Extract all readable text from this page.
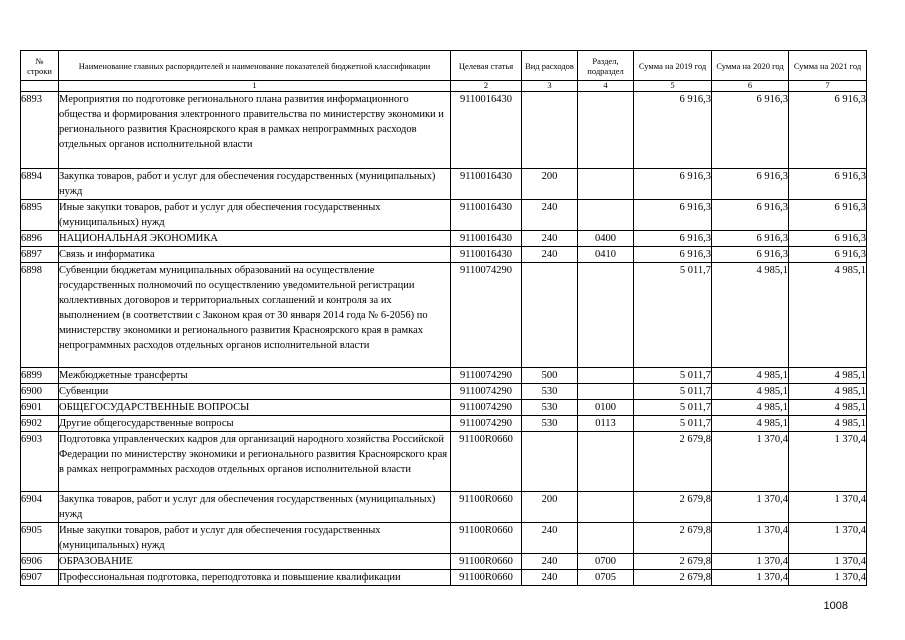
№ строки	Наименование главных распорядителей и наименование показателей бюджетной классификации	Целевая статья	Вид расходов	Раздел, подраздел	Сумма на 2019 год	Сумма на 2020 год	Сумма на 2021 год
	1	2	3	4	5	6	7
6893	Мероприятия по подготовке регионального плана развития информационного общества и формирования электронного правительства по министерству экономики и регионального развития Красноярского края в рамках непрограммных расходов отдельных органов исполнительной власти	9110016430			6 916,3	6 916,3	6 916,3
6894	Закупка товаров, работ и услуг для обеспечения государственных (муниципальных) нужд	9110016430	200		6 916,3	6 916,3	6 916,3
6895	Иные закупки товаров, работ и услуг для обеспечения государственных (муниципальных) нужд	9110016430	240		6 916,3	6 916,3	6 916,3
6896	НАЦИОНАЛЬНАЯ ЭКОНОМИКА	9110016430	240	0400	6 916,3	6 916,3	6 916,3
6897	Связь и информатика	9110016430	240	0410	6 916,3	6 916,3	6 916,3
6898	Субвенции бюджетам муниципальных образований на осуществление государственных полномочий по осуществлению уведомительной регистрации коллективных договоров и территориальных соглашений и контроля за их выполнением (в соответствии с Законом края от 30 января 2014 года № 6-2056) по министерству экономики и регионального развития Красноярского края в рамках непрограммных расходов отдельных органов исполнительной власти	9110074290			5 011,7	4 985,1	4 985,1
6899	Межбюджетные трансферты	9110074290	500		5 011,7	4 985,1	4 985,1
6900	Субвенции	9110074290	530		5 011,7	4 985,1	4 985,1
6901	ОБЩЕГОСУДАРСТВЕННЫЕ ВОПРОСЫ	9110074290	530	0100	5 011,7	4 985,1	4 985,1
6902	Другие общегосударственные вопросы	9110074290	530	0113	5 011,7	4 985,1	4 985,1
6903	Подготовка управленческих кадров для организаций народного хозяйства Российской Федерации по министерству экономики и регионального развития Красноярского края в рамках непрограммных расходов отдельных органов исполнительной власти	91100R0660			2 679,8	1 370,4	1 370,4
6904	Закупка товаров, работ и услуг для обеспечения государственных (муниципальных) нужд	91100R0660	200		2 679,8	1 370,4	1 370,4
6905	Иные закупки товаров, работ и услуг для обеспечения государственных (муниципальных) нужд	91100R0660	240		2 679,8	1 370,4	1 370,4
6906	ОБРАЗОВАНИЕ	91100R0660	240	0700	2 679,8	1 370,4	1 370,4
6907	Профессиональная подготовка, переподготовка и повышение квалификации	91100R0660	240	0705	2 679,8	1 370,4	1 370,4
1008
